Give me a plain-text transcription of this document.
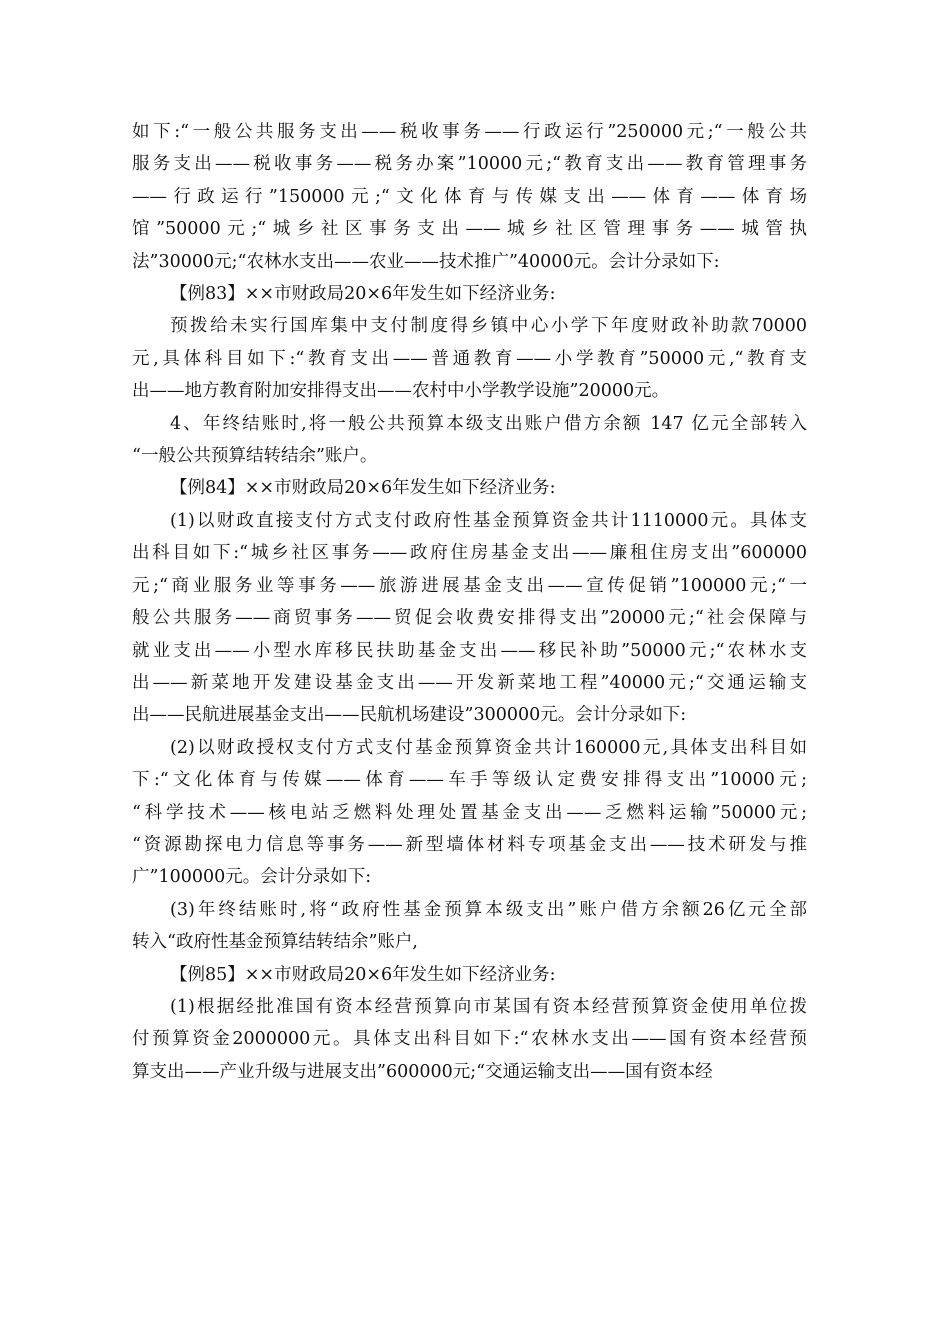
如下:“一般公共服务支出——税收事务——行政运行”250000元;“一般公共
服务支出——税收事务——税务办案”10000元;“教育支出——教育管理事务
——行政运行”150000元;“文化体育与传媒支出——体育——体育场
馆”50000元;“城乡社区事务支出——城乡社区管理事务——城管执
法”30000元;“农林水支出——农业——技术推广”40000元。会计分录如下:

【例83】××市财政局20×6年发生如下经济业务:

预拨给未实行国库集中支付制度得乡镇中心小学下年度财政补助款70000
元,具体科目如下:“教育支出——普通教育——小学教育”50000元,“教育支
出——地方教育附加安排得支出——农村中小学教学设施”20000元。

4、年终结账时,将一般公共预算本级支出账户借方余额 147 亿元全部转入
“一般公共预算结转结余”账户。

【例84】××市财政局20×6年发生如下经济业务:

(1)以财政直接支付方式支付政府性基金预算资金共计1110000元。具体支
出科目如下:“城乡社区事务——政府住房基金支出——廉租住房支出”600000
元;“商业服务业等事务——旅游进展基金支出——宣传促销”100000元;“一
般公共服务——商贸事务——贸促会收费安排得支出”20000元;“社会保障与
就业支出——小型水库移民扶助基金支出——移民补助”50000元;“农林水支
出——新菜地开发建设基金支出——开发新菜地工程”40000元;“交通运输支
出——民航进展基金支出——民航机场建设”300000元。会计分录如下:

(2)以财政授权支付方式支付基金预算资金共计160000元,具体支出科目如
下:“文化体育与传媒——体育——车手等级认定费安排得支出”10000元;
“科学技术——核电站乏燃料处理处置基金支出——乏燃料运输”50000元;
“资源勘探电力信息等事务——新型墙体材料专项基金支出——技术研发与推
广”100000元。会计分录如下:

(3)年终结账时,将“政府性基金预算本级支出”账户借方余额26亿元全部
转入“政府性基金预算结转结余”账户,

【例85】××市财政局20×6年发生如下经济业务:

(1)根据经批准国有资本经营预算向市某国有资本经营预算资金使用单位拨
付预算资金2000000元。具体支出科目如下:“农林水支出——国有资本经营预
算支出——产业升级与进展支出”600000元;“交通运输支出——国有资本经
